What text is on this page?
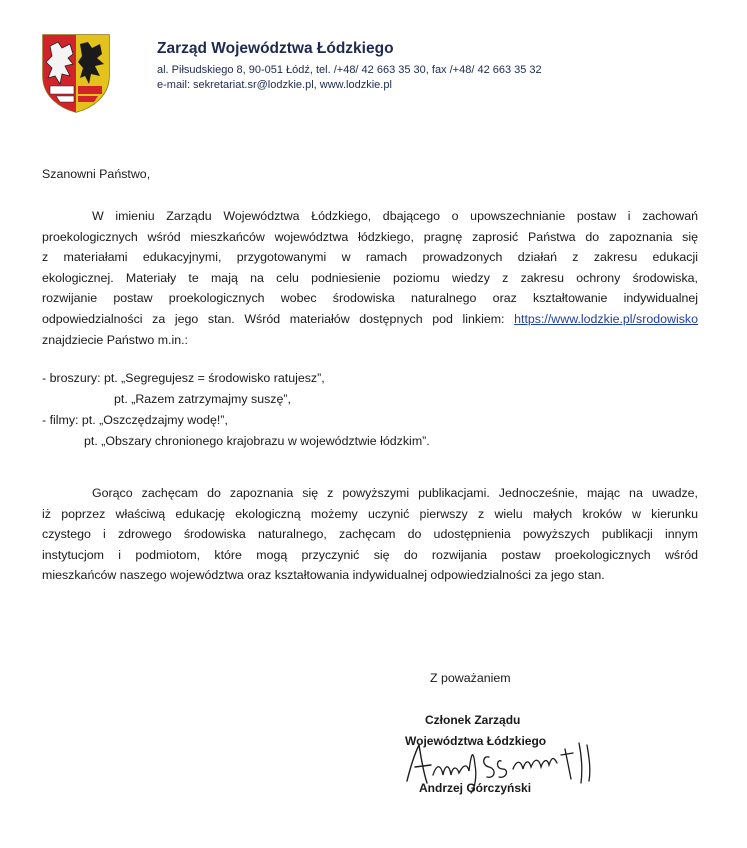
Zarząd Województwa Łódzkiego
al. Piłsudskiego 8, 90-051 Łódź, tel. /+48/ 42 663 35 30, fax /+48/ 42 663 35 32
e-mail: sekretariat.sr@lodzkie.pl, www.lodzkie.pl
Szanowni Państwo,
W imieniu Zarządu Województwa Łódzkiego, dbającego o upowszechnianie postaw i zachowań
proekologicznych wśród mieszkańców województwa łódzkiego, pragnę zaprosić Państwa do zapoznania się
z materiałami edukacyjnymi, przygotowanymi w ramach prowadzonych działań z zakresu edukacji
ekologicznej. Materiały te mają na celu podniesienie poziomu wiedzy z zakresu ochrony środowiska,
rozwijanie postaw proekologicznych wobec środowiska naturalnego oraz kształtowanie indywidualnej
odpowiedzialności za jego stan. Wśród materiałów dostępnych pod linkiem: https://www.lodzkie.pl/srodowisko
znajdziecie Państwo m.in.:
- broszury: pt. „Segregujesz = środowisko ratujesz”,
pt. „Razem zatrzymajmy suszę”,
- filmy: pt. „Oszczędzajmy wodę!”,
pt. „Obszary chronionego krajobrazu w województwie łódzkim”.
Gorąco zachęcam do zapoznania się z powyższymi publikacjami. Jednocześnie, mając na uwadze,
iż poprzez właściwą edukację ekologiczną możemy uczynić pierwszy z wielu małych kroków w kierunku
czystego i zdrowego środowiska naturalnego, zachęcam do udostępnienia powyższych publikacji innym
instytucjom i podmiotom, które mogą przyczynić się do rozwijania postaw proekologicznych wśród
mieszkańców naszego województwa oraz kształtowania indywidualnej odpowiedzialności za jego stan.
Z poważaniem
Członek Zarządu
Województwa Łódzkiego
Andrzej Górczyński
